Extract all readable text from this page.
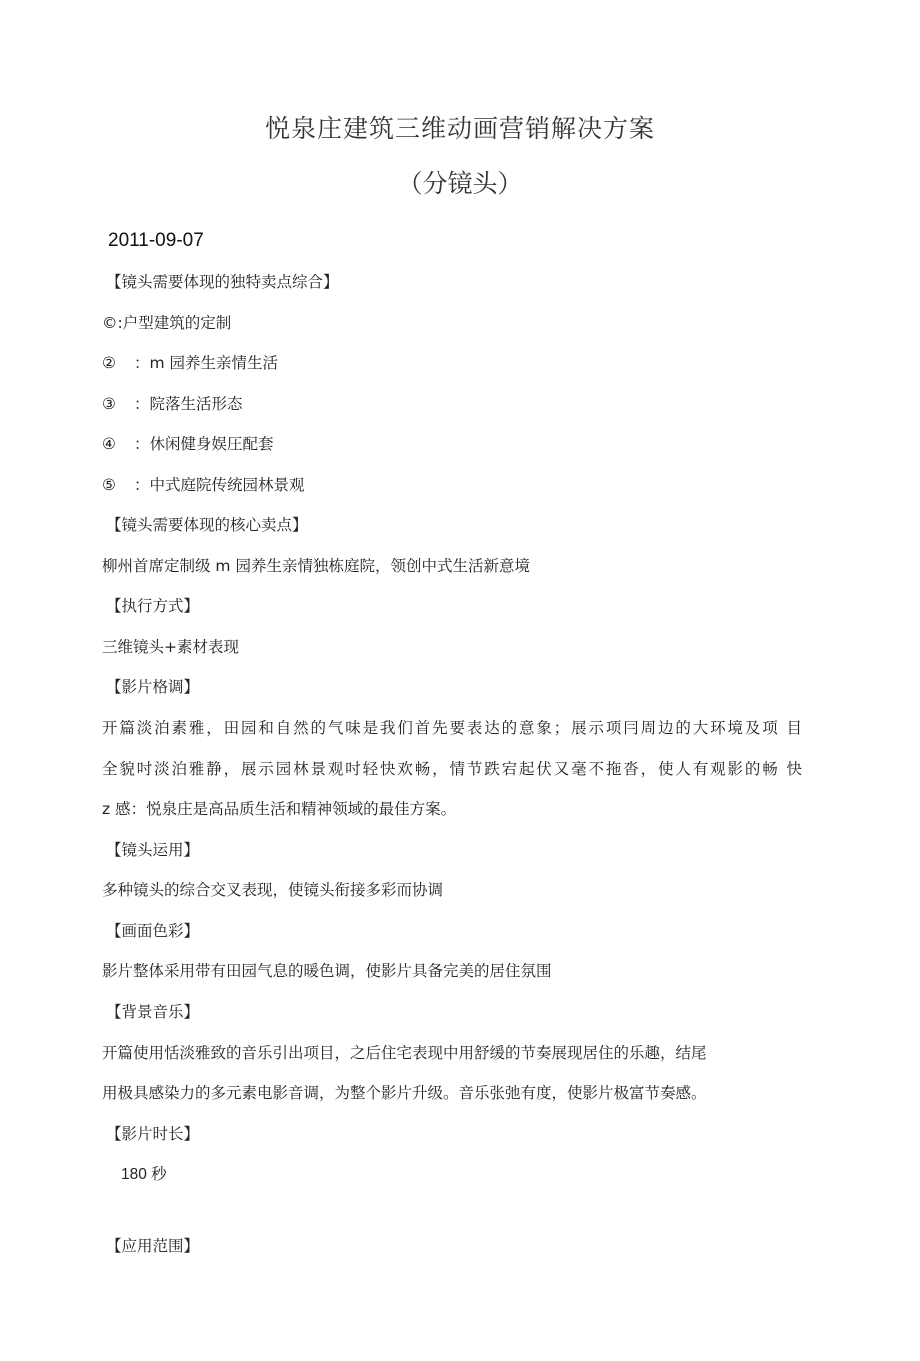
悦泉庄建筑三维动画营销解决方案
（分镜头）
2011-09-07
【镜头需要体现的独特卖点综合】
©:户型建筑的定制
② ：m 园养生亲情生活
③ ：院落生活形态
④ ：休闲健身娱圧配套
⑤ ：中式庭院传统园林景观
【镜头需要体现的核心卖点】
柳州首席定制级 m 园养生亲情独栋庭院，领创中式生活新意境
【执行方式】
三维镜头+素材表现
【影片格调】
开篇淡泊素雅，田园和自然的气味是我们首先要表达的意象；展示项冃周边的大环境及项 目
全貌吋淡泊雅静，展示园林景观吋轻快欢畅，情节跌宕起伏又毫不拖沓，使人有观影的畅 快
z 感：悦泉庄是高品质生活和精神领域的最佳方案。
【镜头运用】
多种镜头的综合交叉表现，使镜头衔接多彩而协调
【画面色彩】
影片整体采用带有田园气息的暖色调，使影片具备完美的居住氛围
【背景音乐】
开篇使用恬淡雅致的音乐引出项目，之后住宅表现中用舒缓的节奏展现居住的乐趣，结尾
用极具感染力的多元素电影音调，为整个影片升级。音乐张弛有度，使影片极富节奏感。
【影片时长】
180 秒
【应用范围】
